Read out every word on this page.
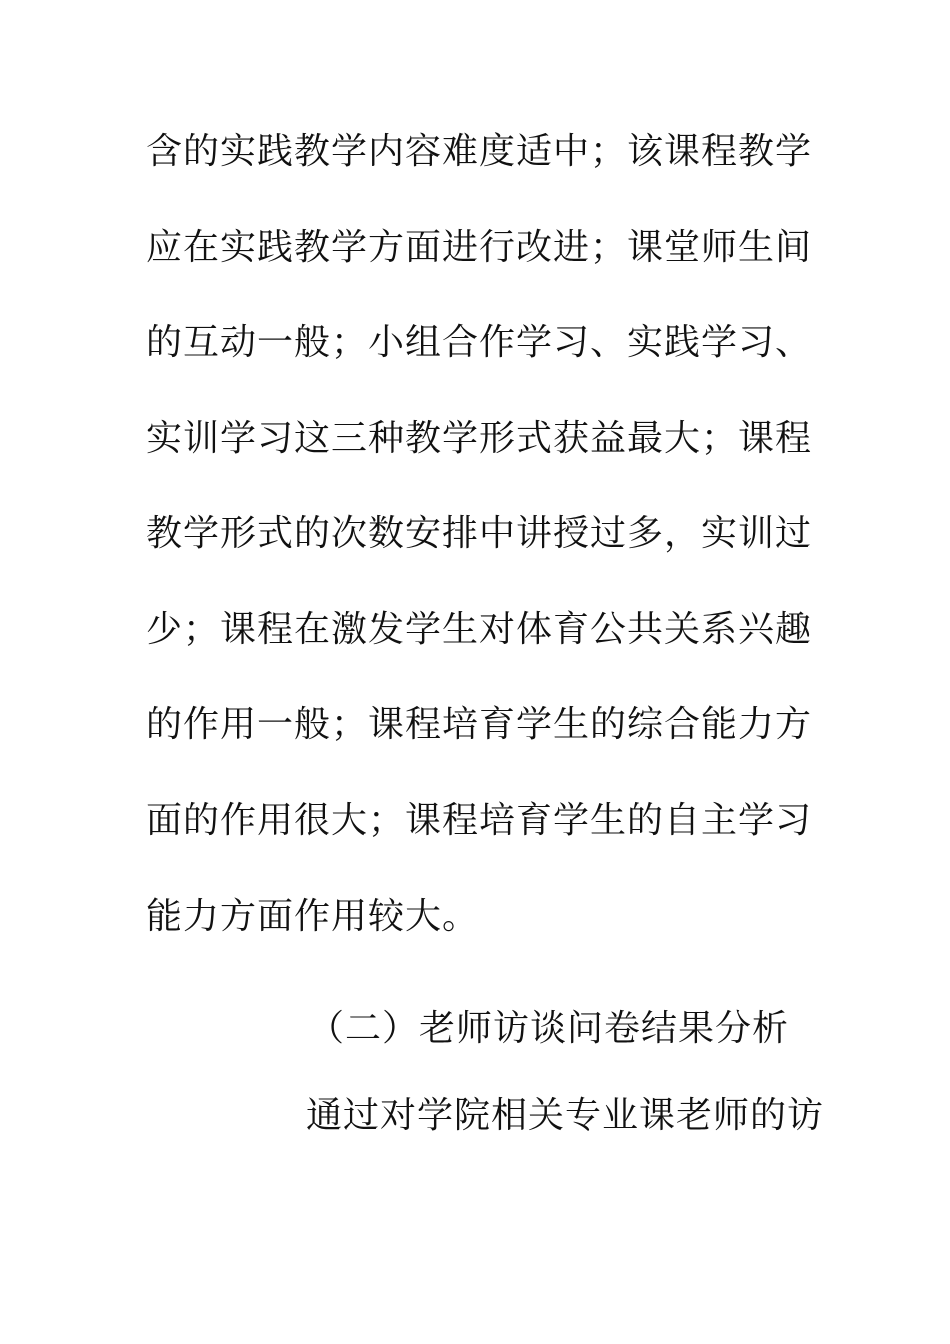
含的实践教学内容难度适中；该课程教学
应在实践教学方面进行改进；课堂师生间
的互动一般；小组合作学习、实践学习、
实训学习这三种教学形式获益最大；课程
教学形式的次数安排中讲授过多，实训过
少；课程在激发学生对体育公共关系兴趣
的作用一般；课程培育学生的综合能力方
面的作用很大；课程培育学生的自主学习
能力方面作用较大。
（二）老师访谈问卷结果分析
通过对学院相关专业课老师的访
